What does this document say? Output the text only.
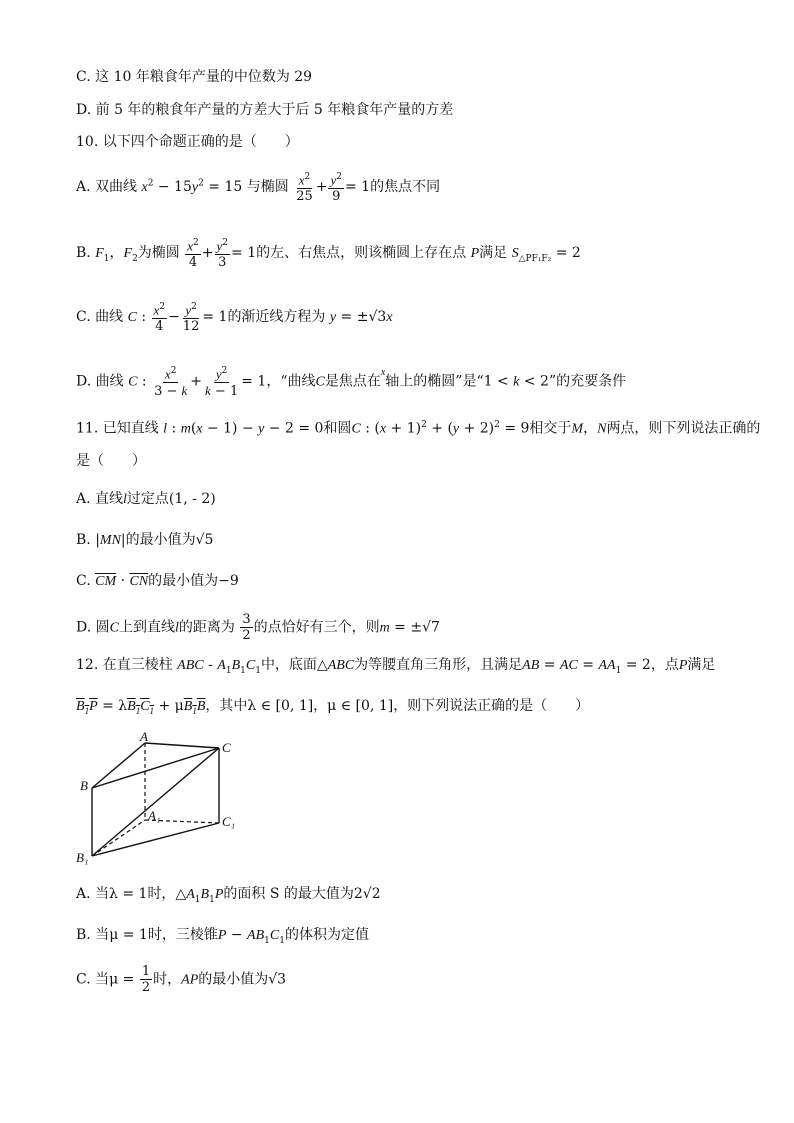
C. 这 10 年粮食年产量的中位数为 29
D. 前 5 年的粮食年产量的方差大于后 5 年粮食年产量的方差
10. 以下四个命题正确的是（　　）
A. 双曲线 $x^2 - 15y^2 = 15$ 与椭圆 $\frac{x^2}{25} + \frac{y^2}{9} = 1$的焦点不同
B. $F_1$，$F_2$为椭圆 $\frac{x^2}{4} + \frac{y^2}{3} = 1$的左、右焦点，则该椭圆上存在点 P满足 $S_{\triangle PF_1F_2} = 2$
C. 曲线 C : $\frac{x^2}{4} - \frac{y^2}{12} = 1$的渐近线方程为 y = ±√3x
D. 曲线 C : $\frac{x^2}{3 - k} + \frac{y^2}{k - 1} = 1$，“曲线C是焦点在$^x$轴上的椭圆”是“1 < k < 2”的充要条件
11. 已知直线 l : m(x − 1) − y − 2 = 0和圆C : $(x + 1)^2 + (y + 2)^2 = 9$相交于M，N两点，则下列说法正确的
是（　　）
A. 直线l过定点(1, - 2)
B. |MN|的最小值为√5
C. $\overline{CM} \cdot \overline{CN}$的最小值为−9
D. 圆C上到直线l的距离为 $\frac{3}{2}$ 的点恰好有三个，则m = ±√7
12. 在直三棱柱 ABC - $A_1B_1C_1$中，底面△ABC为等腰直角三角形，且满足AB = AC = $AA_1 = 2$，点P满足
$B_1P = \lambda B_1C_1 + \mu B_1B$，其中λ ∈ [0, 1]，μ ∈ [0, 1]，则下列说法正确的是（　　）
A
B
C
A₁
B₁
C₁
A. 当λ = 1时，$\triangle A_1B_1P$的面积 S 的最大值为2√2
B. 当μ = 1时，三棱锥$P - AB_1C_1$的体积为定值
C. 当$\mu = \frac{1}{2}$ 时，AP的最小值为√3
